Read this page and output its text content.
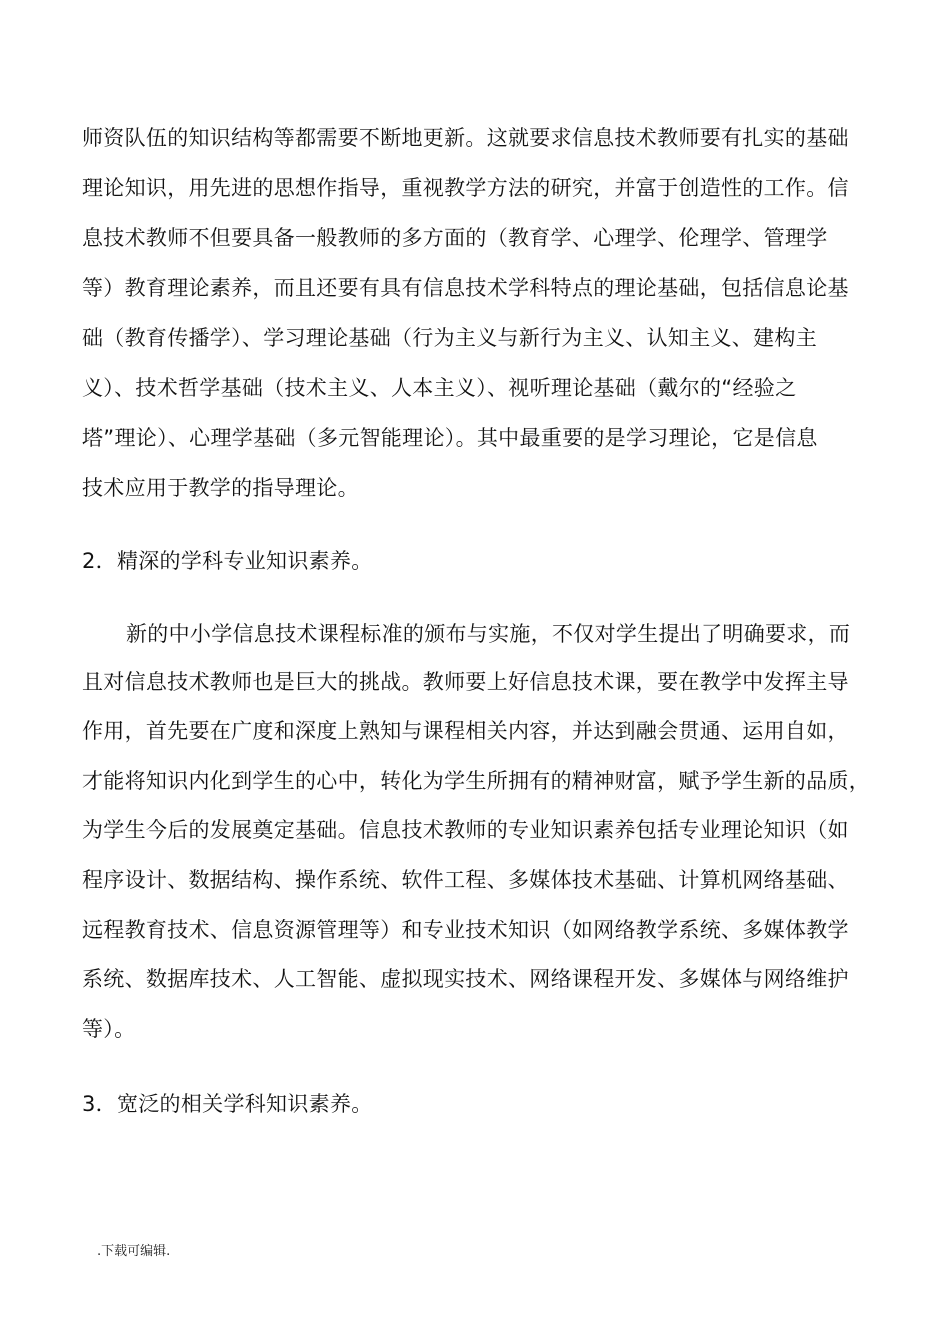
师资队伍的知识结构等都需要不断地更新。这就要求信息技术教师要有扎实的基础
理论知识，用先进的思想作指导，重视教学方法的研究，并富于创造性的工作。信
息技术教师不但要具备一般教师的多方面的（教育学、心理学、伦理学、管理学
等）教育理论素养，而且还要有具有信息技术学科特点的理论基础，包括信息论基
础（教育传播学）、学习理论基础（行为主义与新行为主义、认知主义、建构主
义）、技术哲学基础（技术主义、人本主义）、视听理论基础（戴尔的“经验之
塔”理论）、心理学基础（多元智能理论）。其中最重要的是学习理论，它是信息
技术应用于教学的指导理论。
2．精深的学科专业知识素养。
新的中小学信息技术课程标准的颁布与实施，不仅对学生提出了明确要求，而
且对信息技术教师也是巨大的挑战。教师要上好信息技术课，要在教学中发挥主导
作用，首先要在广度和深度上熟知与课程相关内容，并达到融会贯通、运用自如，
才能将知识内化到学生的心中，转化为学生所拥有的精神财富，赋予学生新的品质，
为学生今后的发展奠定基础。信息技术教师的专业知识素养包括专业理论知识（如
程序设计、数据结构、操作系统、软件工程、多媒体技术基础、计算机网络基础、
远程教育技术、信息资源管理等）和专业技术知识（如网络教学系统、多媒体教学
系统、数据库技术、人工智能、虚拟现实技术、网络课程开发、多媒体与网络维护
等）。
3．宽泛的相关学科知识素养。
.下载可编辑.
